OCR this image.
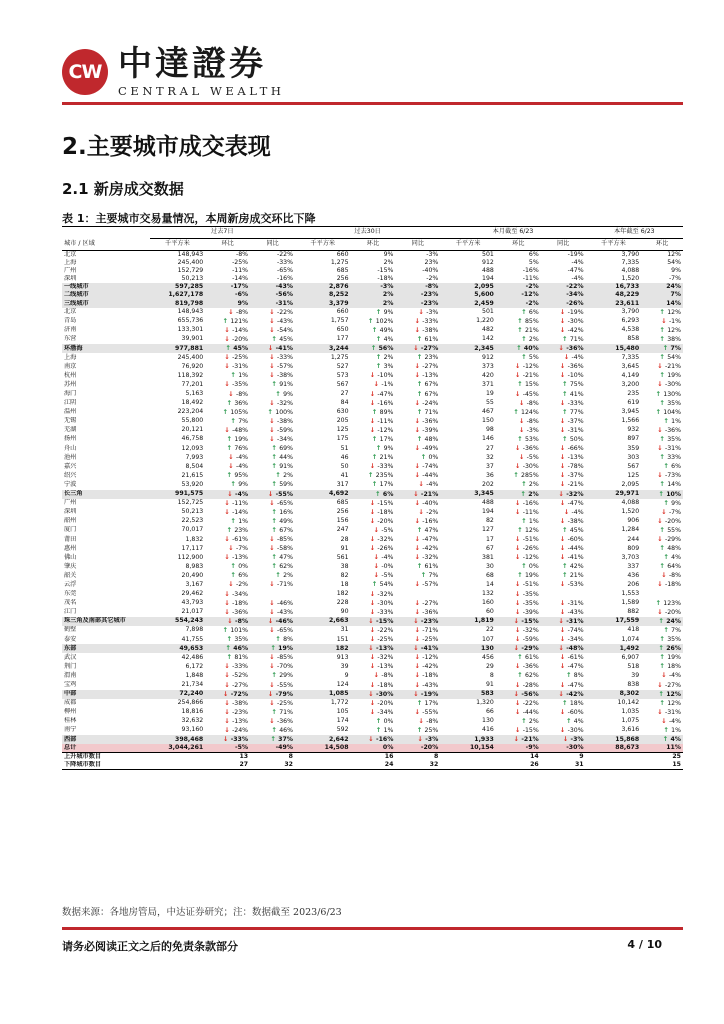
CW 中達證券
CENTRAL WEALTH
2.主要城市成交表现
2.1 新房成交数据
表 1：主要城市交易量情况，本周新房成交环比下降
	过去7日			过去30日			本月截至 6/23			本年截至 6/23	
城市 / 区域	千平方米	环比	同比	千平方米	环比	同比	千平方米	环比	同比	千平方米	环比
北京	148,943	-8%	-22%	660	9%	-3%	501	6%	-19%	3,790	12%
上海	245,400	-25%	-33%	1,275	2%	23%	912	5%	-4%	7,335	54%
广州	152,729	-11%	-65%	685	-15%	-40%	488	-16%	-47%	4,088	9%
深圳	50,213	-14%	-16%	256	-18%	-2%	194	-11%	-4%	1,520	-7%
一线城市	597,285	-17%	-43%	2,876	-3%	-8%	2,095	-2%	-22%	16,733	24%
二线城市	1,627,178	-6%	-56%	8,252	2%	-23%	5,600	-12%	-34%	48,229	7%
三线城市	819,798	9%	-31%	3,379	2%	-23%	2,459	-2%	-26%	23,611	14%
北京	148,943	↓ -8%	↓ -22%	660	↑ 9%	↓ -3%	501	↑ 6%	↓ -19%	3,790	↑ 12%
青岛	655,736	↑ 121%	↓ -43%	1,757	↑ 102%	↓ -33%	1,220	↑ 85%	↓ -30%	6,293	↓ -1%
济南	133,301	↓ -14%	↓ -54%	650	↑ 49%	↓ -38%	482	↑ 21%	↓ -42%	4,538	↑ 12%
东营	39,901	↓ -20%	↑ 45%	177	↑ 4%	↑ 61%	142	↑ 2%	↑ 71%	858	↑ 38%
环渤海	977,881	↑ 45%	↓ -41%	3,244	↑ 56%	↓ -27%	2,345	↑ 40%	↓ -36%	15,480	↑ 7%
上海	245,400	↓ -25%	↓ -33%	1,275	↑ 2%	↑ 23%	912	↑ 5%	↓ -4%	7,335	↑ 54%
南京	76,920	↓ -31%	↓ -57%	527	↑ 3%	↓ -27%	373	↓ -12%	↓ -36%	3,645	↓ -21%
杭州	118,392	↑ 1%	↓ -38%	573	↓ -10%	↓ -13%	420	↓ -21%	↓ -10%	4,149	↑ 19%
苏州	77,201	↓ -35%	↑ 91%	567	↓ -1%	↑ 67%	371	↑ 15%	↑ 75%	3,200	↓ -30%
海门	5,163	↓ -8%	↑ 9%	27	↓ -47%	↑ 67%	19	↓ -45%	↑ 41%	235	↑ 130%
江阴	18,492	↑ 36%	↓ -32%	84	↓ -16%	↓ -24%	55	↓ -8%	↓ -33%	619	↑ 35%
温州	223,204	↑ 105%	↑ 100%	630	↑ 89%	↑ 71%	467	↑ 124%	↑ 77%	3,945	↑ 104%
无锡	55,800	↑ 7%	↓ -38%	205	↓ -11%	↓ -36%	150	↓ -8%	↓ -37%	1,566	↑ 1%
芜湖	20,121	↓ -48%	↓ -59%	125	↓ -12%	↓ -39%	98	↓ -3%	↓ -31%	932	↓ -36%
扬州	46,758	↑ 19%	↓ -34%	175	↑ 17%	↑ 48%	146	↑ 53%	↑ 50%	897	↑ 35%
舟山	12,093	↑ 76%	↑ 69%	51	↑ 9%	↓ -49%	27	↓ -36%	↓ -66%	359	↓ -31%
池州	7,993	↓ -4%	↑ 44%	46	↑ 21%	↑ 0%	32	↓ -5%	↓ -13%	303	↑ 33%
嘉兴	8,504	↓ -4%	↑ 91%	50	↓ -33%	↓ -74%	37	↓ -30%	↓ -78%	567	↑ 6%
绍兴	21,615	↑ 95%	↑ 2%	41	↑ 235%	↓ -44%	36	↑ 285%	↓ -37%	125	↓ -73%
宁波	53,920	↑ 9%	↑ 59%	317	↑ 17%	↓ -4%	202	↑ 2%	↓ -21%	2,095	↑ 14%
长三角	991,575	↓ -4%	↓ -55%	4,692	↑ 6%	↓ -21%	3,345	↑ 2%	↓ -32%	29,971	↑ 10%
广州	152,725	↓ -11%	↓ -65%	685	↓ -15%	↓ -40%	488	↓ -16%	↓ -47%	4,088	↑ 9%
深圳	50,213	↓ -14%	↑ 16%	256	↓ -18%	↓ -2%	194	↓ -11%	↓ -4%	1,520	↓ -7%
韶州	22,523	↑ 1%	↑ 49%	156	↓ -20%	↓ -16%	82	↑ 1%	↓ -38%	906	↓ -20%
厦门	70,017	↑ 23%	↑ 67%	247	↓ -5%	↑ 47%	127	↑ 12%	↑ 45%	1,284	↑ 55%
莆田	1,832	↓ -61%	↓ -85%	28	↓ -32%	↓ -47%	17	↓ -51%	↓ -60%	244	↓ -29%
惠州	17,117	↓ -7%	↓ -58%	91	↓ -26%	↓ -42%	67	↓ -26%	↓ -44%	809	↑ 48%
佛山	112,900	↓ -13%	↑ 47%	561	↓ -4%	↓ -32%	381	↓ -12%	↓ -41%	3,703	↑ 4%
肇庆	8,983	↑ 0%	↑ 62%	38	↓ -0%	↑ 61%	30	↑ 0%	↑ 42%	337	↑ 64%
韶关	20,490	↑ 6%	↑ 2%	82	↓ -5%	↑ 7%	68	↑ 19%	↑ 21%	436	↓ -8%
云浮	3,167	↓ -2%	↓ -71%	18	↑ 54%	↓ -57%	14	↓ -51%	↓ -53%	206	↓ -18%
东莞	29,462	↓ -34%		182	↓ -32%		132	↓ -35%		1,553	
茂名	43,793	↓ -18%	↓ -46%	228	↓ -30%	↓ -27%	160	↓ -35%	↓ -31%	1,589	↑ 123%
江门	21,017	↓ -36%	↓ -43%	90	↓ -33%	↓ -36%	60	↓ -39%	↓ -43%	882	↓ -20%
珠三角及南部其它城市	554,243	↓ -8%	↓ -46%	2,663	↓ -15%	↓ -23%	1,819	↓ -15%	↓ -31%	17,559	↑ 24%
鹤壁	7,898	↑ 101%	↓ -65%	31	↓ -22%	↓ -71%	22	↓ -32%	↓ -74%	418	↑ 7%
泰安	41,755	↑ 35%	↑ 8%	151	↓ -25%	↓ -25%	107	↓ -59%	↓ -34%	1,074	↑ 35%
东部	49,653	↑ 46%	↑ 19%	182	↓ -13%	↓ -41%	130	↓ -29%	↓ -48%	1,492	↑ 26%
武汉	42,486	↑ 81%	↓ -85%	913	↓ -32%	↓ -12%	456	↑ 61%	↓ -61%	6,907	↑ 19%
荆门	6,172	↓ -33%	↓ -70%	39	↓ -13%	↓ -42%	29	↓ -36%	↓ -47%	518	↑ 18%
渭南	1,848	↓ -52%	↑ 29%	9	↓ -8%	↓ -18%	8	↑ 62%	↑ 8%	39	↓ -4%
宝鸡	21,734	↓ -27%	↓ -55%	124	↓ -18%	↓ -43%	91	↓ -28%	↓ -47%	838	↓ -27%
中部	72,240	↓ -72%	↓ -79%	1,085	↓ -30%	↓ -19%	583	↓ -56%	↓ -42%	8,302	↑ 12%
成都	254,866	↓ -38%	↓ -25%	1,772	↓ -20%	↑ 17%	1,320	↓ -22%	↑ 18%	10,142	↑ 12%
柳州	18,816	↓ -23%	↑ 71%	105	↓ -34%	↓ -55%	66	↓ -44%	↓ -60%	1,035	↓ -31%
桂林	32,632	↓ -13%	↓ -36%	174	↑ 0%	↓ -8%	130	↑ 2%	↑ 4%	1,075	↓ -4%
南宁	93,160	↓ -24%	↑ 46%	592	↑ 1%	↑ 25%	416	↓ -15%	↓ -30%	3,616	↑ 1%
西部	398,468	↓ -33%	↑ 37%	2,642	↓ -16%	↓ -3%	1,933	↓ -21%	↓ -3%	15,868	↑ 4%
总计	3,044,261	-5%	-49%	14,508	0%	-20%	10,154	-9%	-30%	88,673	11%
上升城市数目		13	8		16	8		14	9		25
下降城市数目		27	32		24	32		26	31		15
数据来源：各地房管局，中达证券研究；注：数据截至 2023/6/23
请务必阅读正文之后的免责条款部分	4 / 10
